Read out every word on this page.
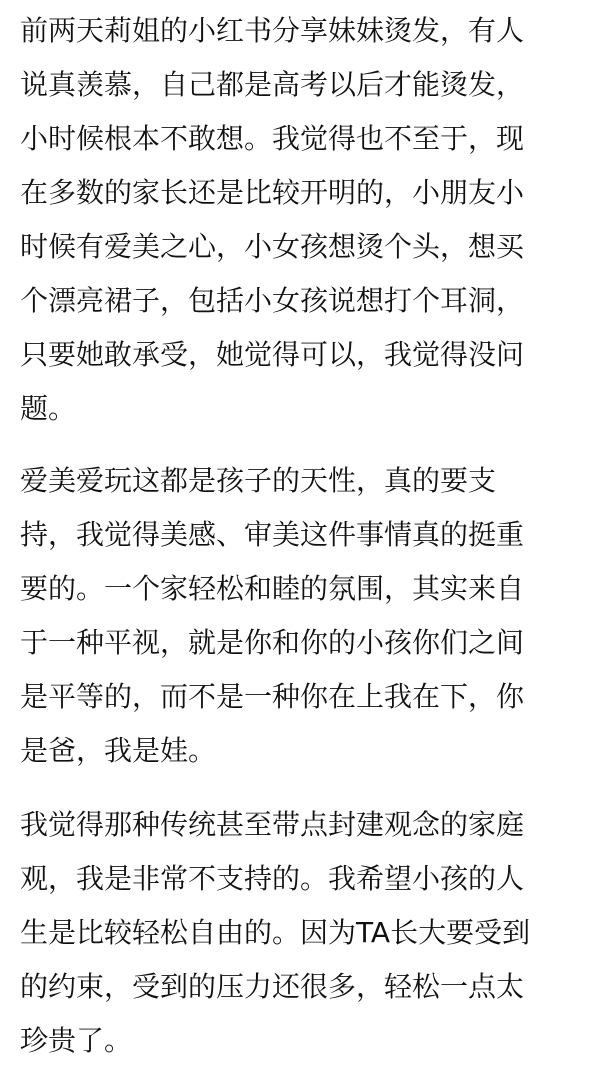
前两天莉姐的小红书分享妹妹烫发，有人
说真羡慕，自己都是高考以后才能烫发，
小时候根本不敢想。我觉得也不至于，现
在多数的家长还是比较开明的，小朋友小
时候有爱美之心，小女孩想烫个头，想买
个漂亮裙子，包括小女孩说想打个耳洞，
只要她敢承受，她觉得可以，我觉得没问
题。
爱美爱玩这都是孩子的天性，真的要支
持，我觉得美感、审美这件事情真的挺重
要的。一个家轻松和睦的氛围，其实来自
于一种平视，就是你和你的小孩你们之间
是平等的，而不是一种你在上我在下，你
是爸，我是娃。
我觉得那种传统甚至带点封建观念的家庭
观，我是非常不支持的。我希望小孩的人
生是比较轻松自由的。因为TA长大要受到
的约束，受到的压力还很多，轻松一点太
珍贵了。
